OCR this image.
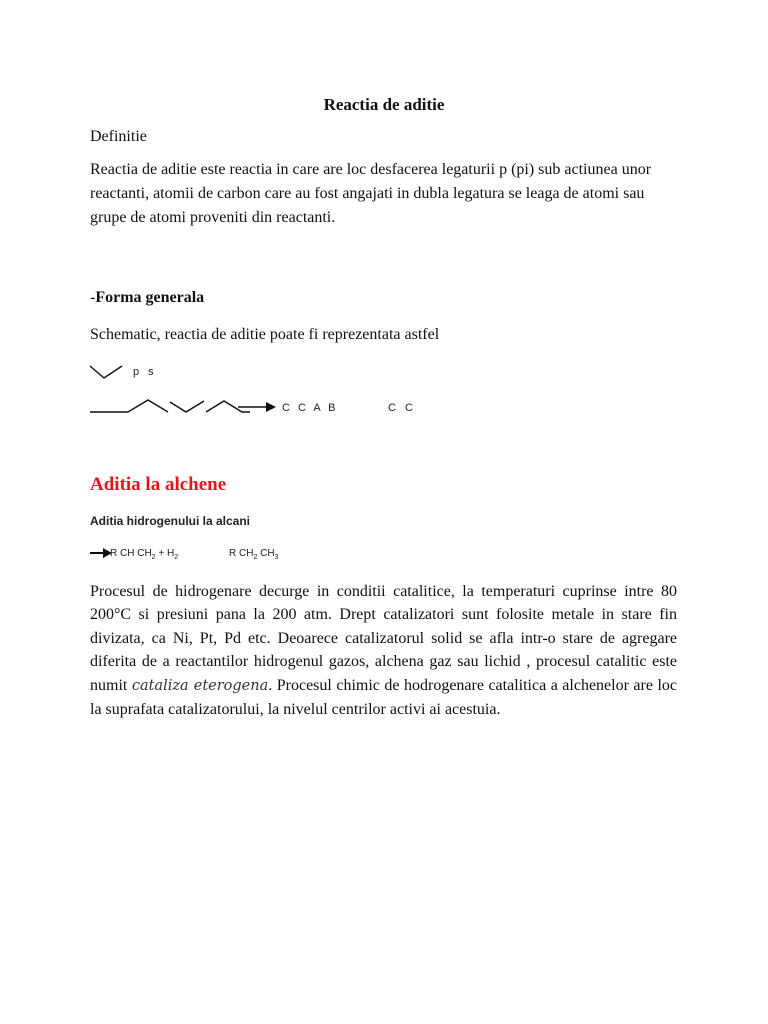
Reactia de aditie
Definitie

Reactia de aditie este reactia in care are loc desfacerea legaturii p (pi) sub actiunea unor reactanti, atomii de carbon care au fost angajati in dubla legatura se leaga de atomi sau grupe de atomi proveniti din reactanti.

-Forma generala
Schematic, reactia de aditie poate fi reprezentata astfel
p s
C C A B	C C
Aditia la alchene
Aditia hidrogenului la alcani
R CH $CH_2 + H_2$	R $CH_2$ $CH_3$

Procesul de hidrogenare decurge in conditii catalitice, la temperaturi cuprinse intre 80 200°C si presiuni pana la 200 atm. Drept catalizatori sunt folosite metale in stare fin divizata, ca Ni, Pt, Pd etc. Deoarece catalizatorul solid se afla intr-o stare de agregare diferita de a reactantilor hidrogenul gazos, alchena gaz sau lichid , procesul catalitic este numit cataliza eterogena. Procesul chimic de hodrogenare catalitica a alchenelor are loc la suprafata catalizatorului, la nivelul centrilor activi ai acestuia.
